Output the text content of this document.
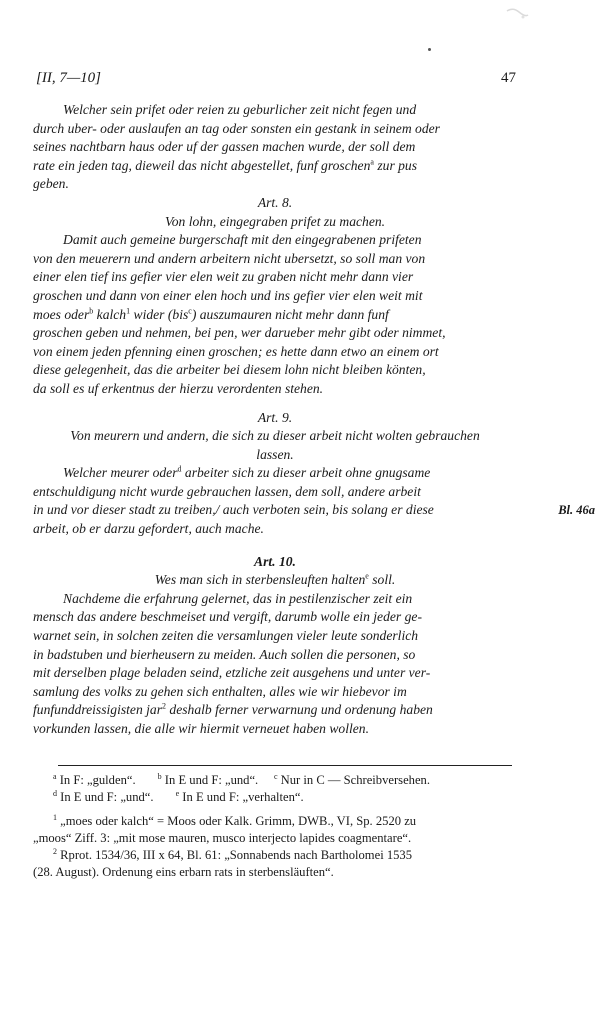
[II, 7—10]	47

Welcher sein prifet oder reien zu geburlicher zeit nicht fegen und

durch uber- oder auslaufen an tag oder sonsten ein gestank in seinem oder

seines nachtbarn haus oder uf der gassen machen wurde, der soll dem

rate ein jeden tag, dieweil das nicht abgestellet, funf groschen$^a$ zur pus

geben.

Art. 8.

Von lohn, eingegraben prifet zu machen.

Damit auch gemeine burgerschaft mit den eingegrabenen prifeten

von den meuerern und andern arbeitern nicht ubersetzt, so soll man von

einer elen tief ins gefier vier elen weit zu graben nicht mehr dann vier

groschen und dann von einer elen hoch und ins gefier vier elen weit mit

moes oder$^b$ kalch$^1$ wider (bis$^c$) auszumauren nicht mehr dann funf

groschen geben und nehmen, bei pen, wer darueber mehr gibt oder nimmet,

von einem jeden pfenning einen groschen; es hette dann etwo an einem ort

diese gelegenheit, das die arbeiter bei diesem lohn nicht bleiben könten,

da soll es uf erkentnus der hierzu verordenten stehen.

Art. 9.

Von meurern und andern, die sich zu dieser arbeit nicht wolten gebrauchen

lassen.

Welcher meurer oder$^d$ arbeiter sich zu dieser arbeit ohne gnugsame

entschuldigung nicht wurde gebrauchen lassen, dem soll, andere arbeit

in und vor dieser stadt zu treiben,/ auch verboten sein, bis solang er diese	Bl. 46a

arbeit, ob er darzu gefordert, auch mache.

Art. 10.

Wes man sich in sterbensleuften halten$^e$ soll.

Nachdeme die erfahrung gelernet, das in pestilenzischer zeit ein

mensch das andere beschmeiset und vergift, darumb wolle ein jeder ge-

warnet sein, in solchen zeiten die versamlungen vieler leute sonderlich

in badstuben und bierheusern zu meiden. Auch sollen die personen, so

mit derselben plage beladen seind, etzliche zeit ausgehens und unter ver-

samlung des volks zu gehen sich enthalten, alles wie wir hiebevor im

funfunddreissigisten jar$^2$ deshalb ferner verwarnung und ordenung haben

vorkunden lassen, die alle wir hiermit verneuet haben wollen.

$^a$ In F: „gulden“.	$^b$ In E und F: „und“. $^c$ Nur in C — Schreibversehen.

$^d$ In E und F: „und“.	$^e$ In E und F: „verhalten“.

$^1$ „moes oder kalch“ = Moos oder Kalk. Grimm, DWB., VI, Sp. 2520 zu

„moos“ Ziff. 3: „mit mose mauren, musco interjecto lapides coagmentare“.

$^2$ Rprot. 1534/36, III x 64, Bl. 61: „Sonnabends nach Bartholomei 1535

(28. August). Ordenung eins erbarn rats in sterbensläuften“.
